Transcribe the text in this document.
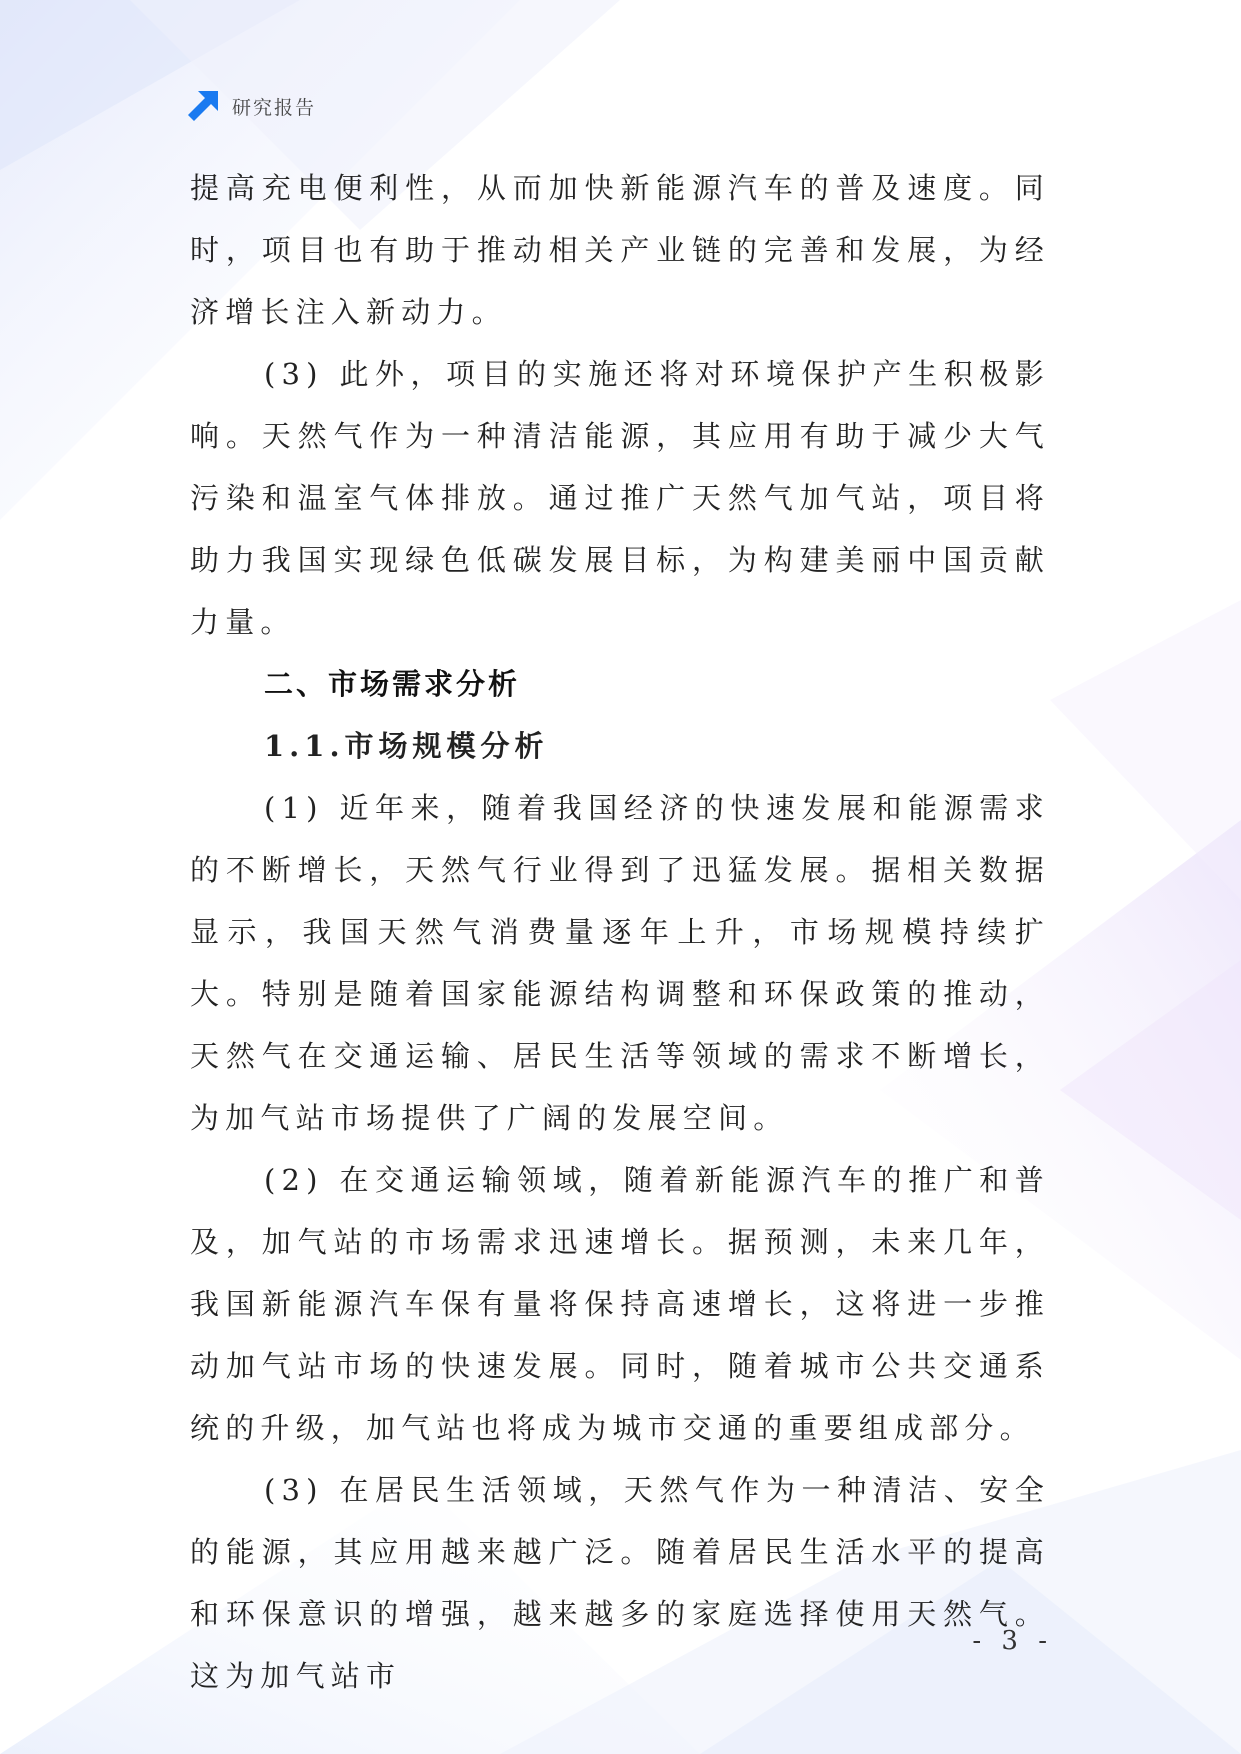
研究报告

提高充电便利性，从而加快新能源汽车的普及速度。同时，项目也有助于推动相关产业链的完善和发展，为经济增长注入新动力。

(3) 此外，项目的实施还将对环境保护产生积极影响。天然气作为一种清洁能源，其应用有助于减少大气污染和温室气体排放。通过推广天然气加气站，项目将助力我国实现绿色低碳发展目标，为构建美丽中国贡献力量。

二、市场需求分析
1.1.市场规模分析

(1) 近年来，随着我国经济的快速发展和能源需求的不断增长，天然气行业得到了迅猛发展。据相关数据显示，我国天然气消费量逐年上升，市场规模持续扩大。特别是随着国家能源结构调整和环保政策的推动，天然气在交通运输、居民生活等领域的需求不断增长，为加气站市场提供了广阔的发展空间。

(2) 在交通运输领域，随着新能源汽车的推广和普及，加气站的市场需求迅速增长。据预测，未来几年，我国新能源汽车保有量将保持高速增长，这将进一步推动加气站市场的快速发展。同时，随着城市公共交通系统的升级，加气站也将成为城市交通的重要组成部分。

(3) 在居民生活领域，天然气作为一种清洁、安全的能源，其应用越来越广泛。随着居民生活水平的提高和环保意识的增强，越来越多的家庭选择使用天然气。这为加气站市

- 3 -
